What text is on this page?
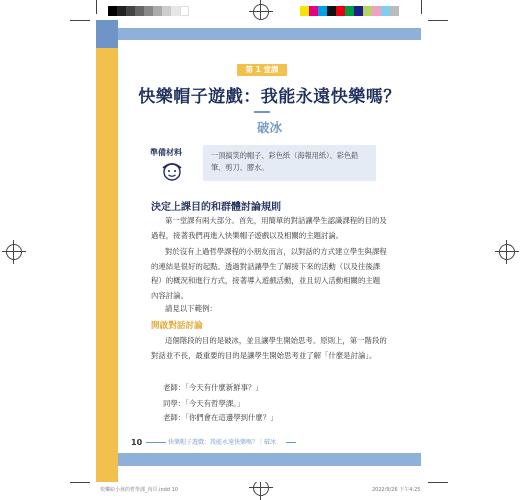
第 1 堂課
快樂帽子遊戲：我能永遠快樂嗎？
破冰
準備材料	一頂搞笑的帽子、彩色紙（海報用紙）、彩色鉛筆、剪刀、膠水。
決定上課目的和群體討論規則
第一堂課有兩大部分。首先，用簡單的對話讓學生認識課程的目的及過程，接著我們再進入快樂帽子遊戲以及相關的主題討論。
對於沒有上過哲學課程的小朋友而言，以對話的方式建立學生與課程的連結是很好的起點。透過對話讓學生了解接下來的活動（以及往後課程）的概況和進行方式，接著導入遊戲活動，並且切入活動相關的主題內容討論。
請見以下範例：
開啟對話討論
這個階段的目的是破冰，並且讓學生開始思考。原則上，第一階段的對話並不長，最重要的目的是讓學生開始思考並了解「什麼是討論」。
老師：「今天有什麼新鮮事？」
同學：「今天有哲學課。」
老師：「你們會在這邊學到什麼？」
10	快樂帽子遊戲：我能永遠快樂嗎？｜破冰
快樂給小孩的哲學課_內頁.indd 10	2022/9/26 下午4:25
